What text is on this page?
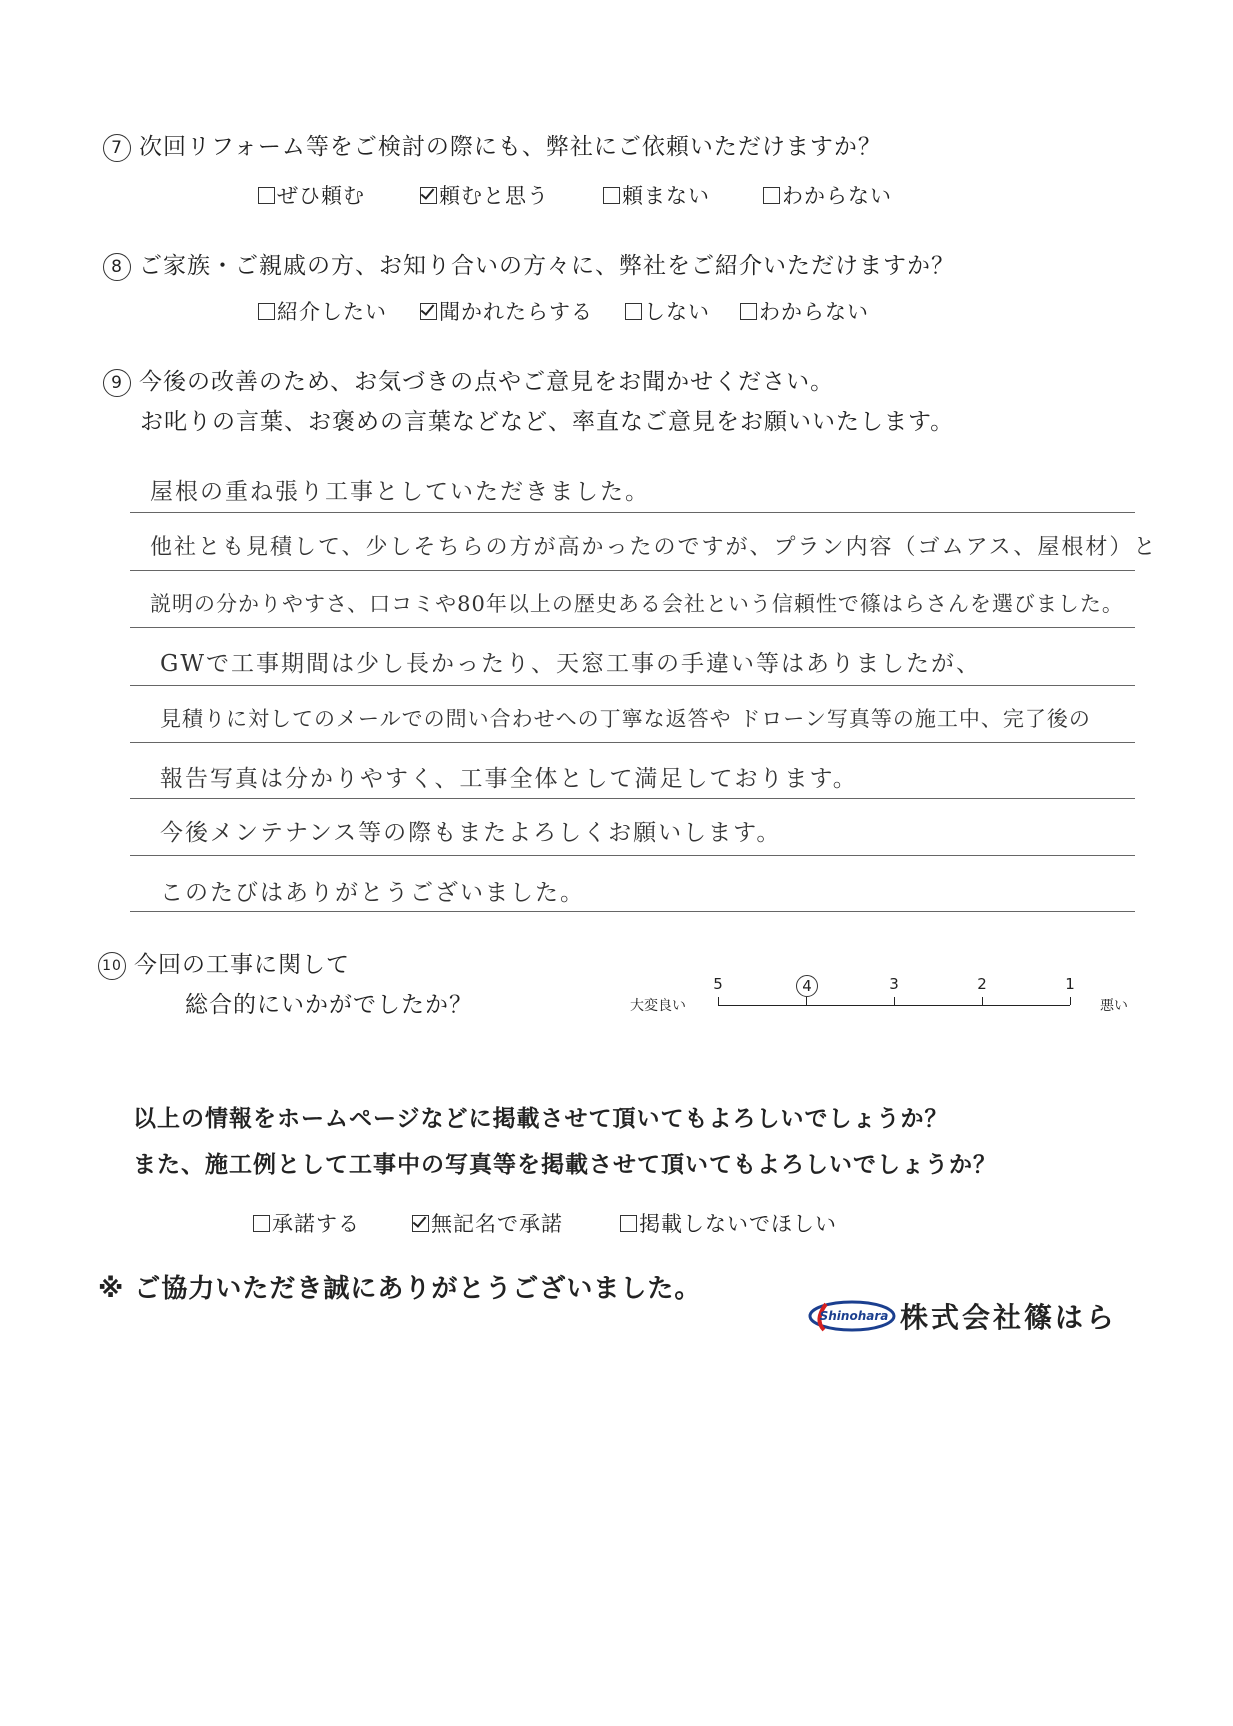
7 次回リフォーム等をご検討の際にも、弊社にご依頼いただけますか？
ぜひ頼む	頼むと思う	頼まない	わからない
8 ご家族・ご親戚の方、お知り合いの方々に、弊社をご紹介いただけますか？
紹介したい	聞かれたらする	しない	わからない
9 今後の改善のため、お気づきの点やご意見をお聞かせください。
お叱りの言葉、お褒めの言葉などなど、率直なご意見をお願いいたします。
屋根の重ね張り工事としていただきました。
他社とも見積して、少しそちらの方が高かったのですが、プラン内容（ゴムアス、屋根材）と
説明の分かりやすさ、口コミや80年以上の歴史ある会社という信頼性で篠はらさんを選びました。
GWで工事期間は少し長かったり、天窓工事の手違い等はありましたが、
見積りに対してのメールでの問い合わせへの丁寧な返答や ドローン写真等の施工中、完了後の
報告写真は分かりやすく、工事全体として満足しております。
今後メンテナンス等の際もまたよろしくお願いします。
このたびはありがとうございました。
10 今回の工事に関して
総合的にいかがでしたか？	大変良い
5	4	3	2	1
悪い
以上の情報をホームページなどに掲載させて頂いてもよろしいでしょうか？
また、施工例として工事中の写真等を掲載させて頂いてもよろしいでしょうか？
承諾する	無記名で承諾	掲載しないでほしい
※ ご協力いただき誠にありがとうございました。
Shinohara 株式会社篠はら
